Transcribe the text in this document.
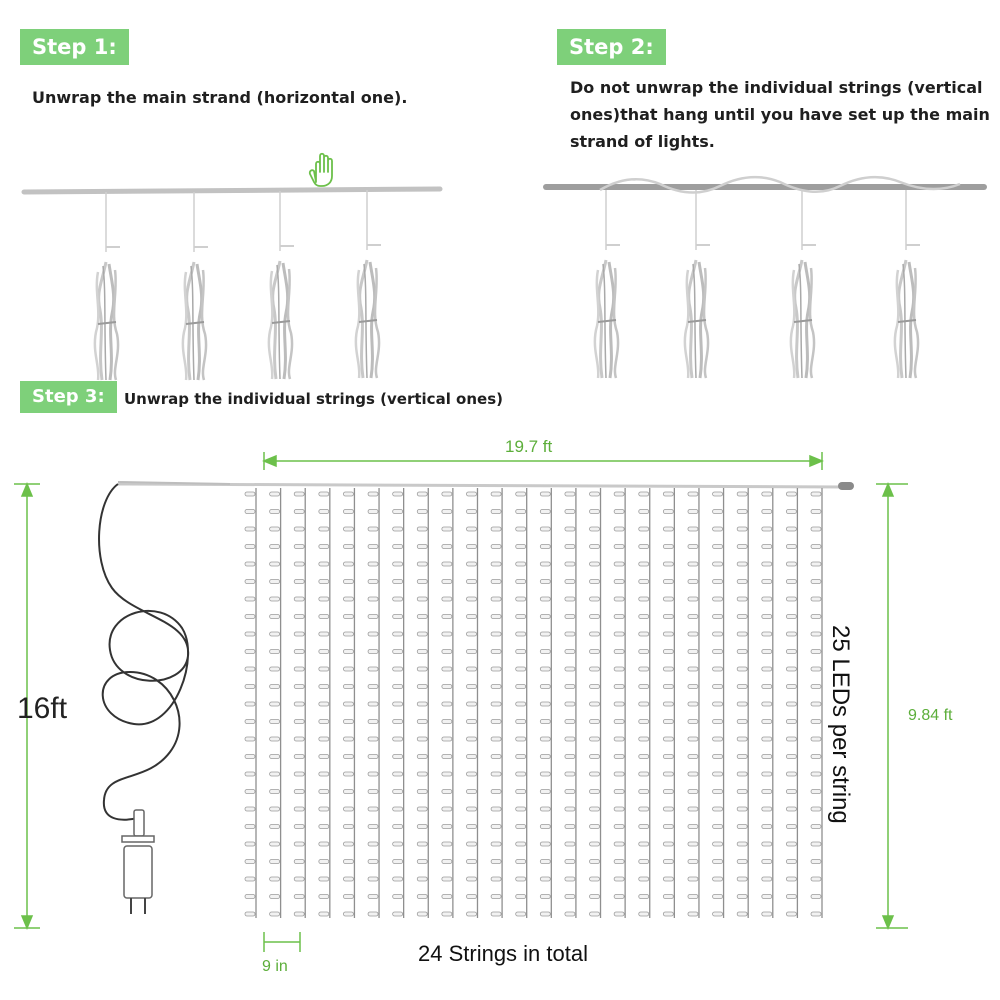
Step 1:
Unwrap the main strand (horizontal one).
Step 2:
Do not unwrap the individual strings (vertical
ones)that hang until you have set up the main
strand of lights.
Step 3:	Unwrap the individual strings (vertical ones)
19.7 ft
16ft	9.84 ft
25 LEDs per string
24 Strings in total
9 in
